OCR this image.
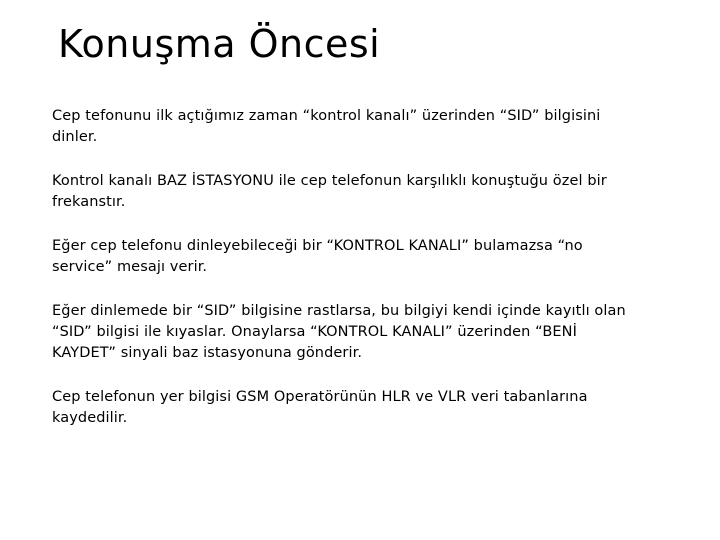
Konuşma Öncesi
Cep tefonunu ilk açtığımız zaman “kontrol kanalı” üzerinden “SID” bilgisini dinler.
Kontrol kanalı BAZ İSTASYONU ile cep telefonun karşılıklı konuştuğu özel bir frekanstır.
Eğer cep telefonu dinleyebileceği bir “KONTROL KANALI” bulamazsa “no service” mesajı verir.
Eğer dinlemede bir “SID” bilgisine rastlarsa, bu bilgiyi kendi içinde kayıtlı olan “SID” bilgisi ile kıyaslar. Onaylarsa “KONTROL KANALI” üzerinden “BENİ KAYDET” sinyali baz istasyonuna gönderir.
Cep telefonun yer bilgisi GSM Operatörünün HLR ve VLR veri tabanlarına kaydedilir.
